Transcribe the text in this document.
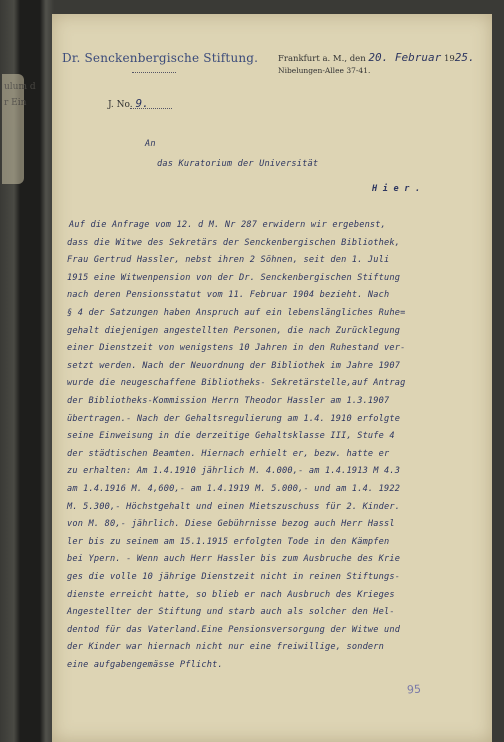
ulum d
r Ein
Dr. Senckenbergische Stiftung. Frankfurt a. M., den 20. Februar 1925.
Nibelungen-Allee 37-41.
J. No. 9.
An
das Kuratorium der Universität
H i e r .
Auf die Anfrage vom 12. d M. Nr 287 erwidern wir ergebenst,
dass die Witwe des Sekretärs der Senckenbergischen Bibliothek,
Frau Gertrud Hassler, nebst ihren 2 Söhnen, seit den 1. Juli
1915 eine Witwenpension von der Dr. Senckenbergischen Stiftung
nach deren Pensionsstatut vom 11. Februar 1904 bezieht. Nach
§ 4 der Satzungen haben Anspruch auf ein lebenslängliches Ruhe=
gehalt diejenigen angestellten Personen, die nach Zurücklegung
einer Dienstzeit von wenigstens 10 Jahren in den Ruhestand ver-
setzt werden. Nach der Neuordnung der Bibliothek im Jahre 1907
wurde die neugeschaffene Bibliotheks- Sekretärstelle,auf Antrag
der Bibliotheks-Kommission Herrn Theodor Hassler am 1.3.1907
übertragen.- Nach der Gehaltsregulierung am 1.4. 1910 erfolgte
seine Einweisung in die derzeitige Gehaltsklasse III, Stufe 4
der städtischen Beamten. Hiernach erhielt er, bezw. hatte er
zu erhalten: Am 1.4.1910 jährlich M. 4.000,- am 1.4.1913 M 4.3
am 1.4.1916 M. 4,600,- am 1.4.1919 M. 5.000,- und am 1.4. 1922
M. 5.300,- Höchstgehalt und einen Mietszuschuss für 2. Kinder.
von M. 80,- jährlich. Diese Gebührnisse bezog auch Herr Hassl
ler bis zu seinem am 15.1.1915 erfolgten Tode in den Kämpfen
bei Ypern. - Wenn auch Herr Hassler bis zum Ausbruche des Krie
ges die volle 10 jährige Dienstzeit nicht in reinen Stiftungs-
dienste erreicht hatte, so blieb er nach Ausbruch des Krieges
Angestellter der Stiftung und starb auch als solcher den Hel-
dentod für das Vaterland.Eine Pensionsversorgung der Witwe und
der Kinder war hiernach nicht nur eine freiwillige, sondern
eine aufgabengemässe Pflicht.
95
